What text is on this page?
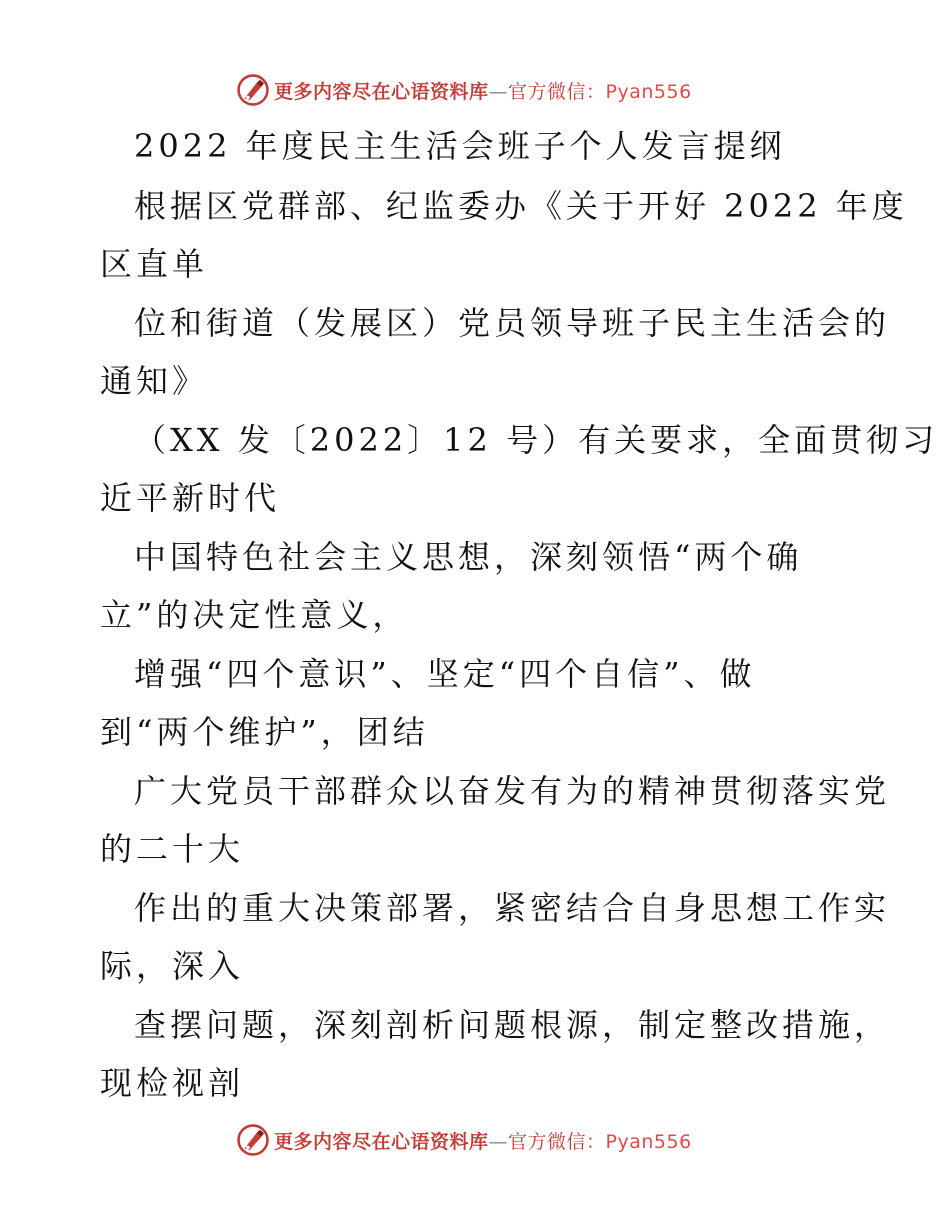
更多内容尽在心语资料库—官方微信：Pyan556
2022 年度民主生活会班子个人发言提纲
根据区党群部、纪监委办《关于开好 2022 年度
区直单
位和街道（发展区）党员领导班子民主生活会的
通知》
（XX 发〔2022〕12 号）有关要求，全面贯彻习
近平新时代
中国特色社会主义思想，深刻领悟“两个确
立”的决定性意义，
增强“四个意识”、坚定“四个自信”、做
到“两个维护”，团结
广大党员干部群众以奋发有为的精神贯彻落实党
的二十大
作出的重大决策部署，紧密结合自身思想工作实
际，深入
查摆问题，深刻剖析问题根源，制定整改措施，
现检视剖
更多内容尽在心语资料库—官方微信：Pyan556
